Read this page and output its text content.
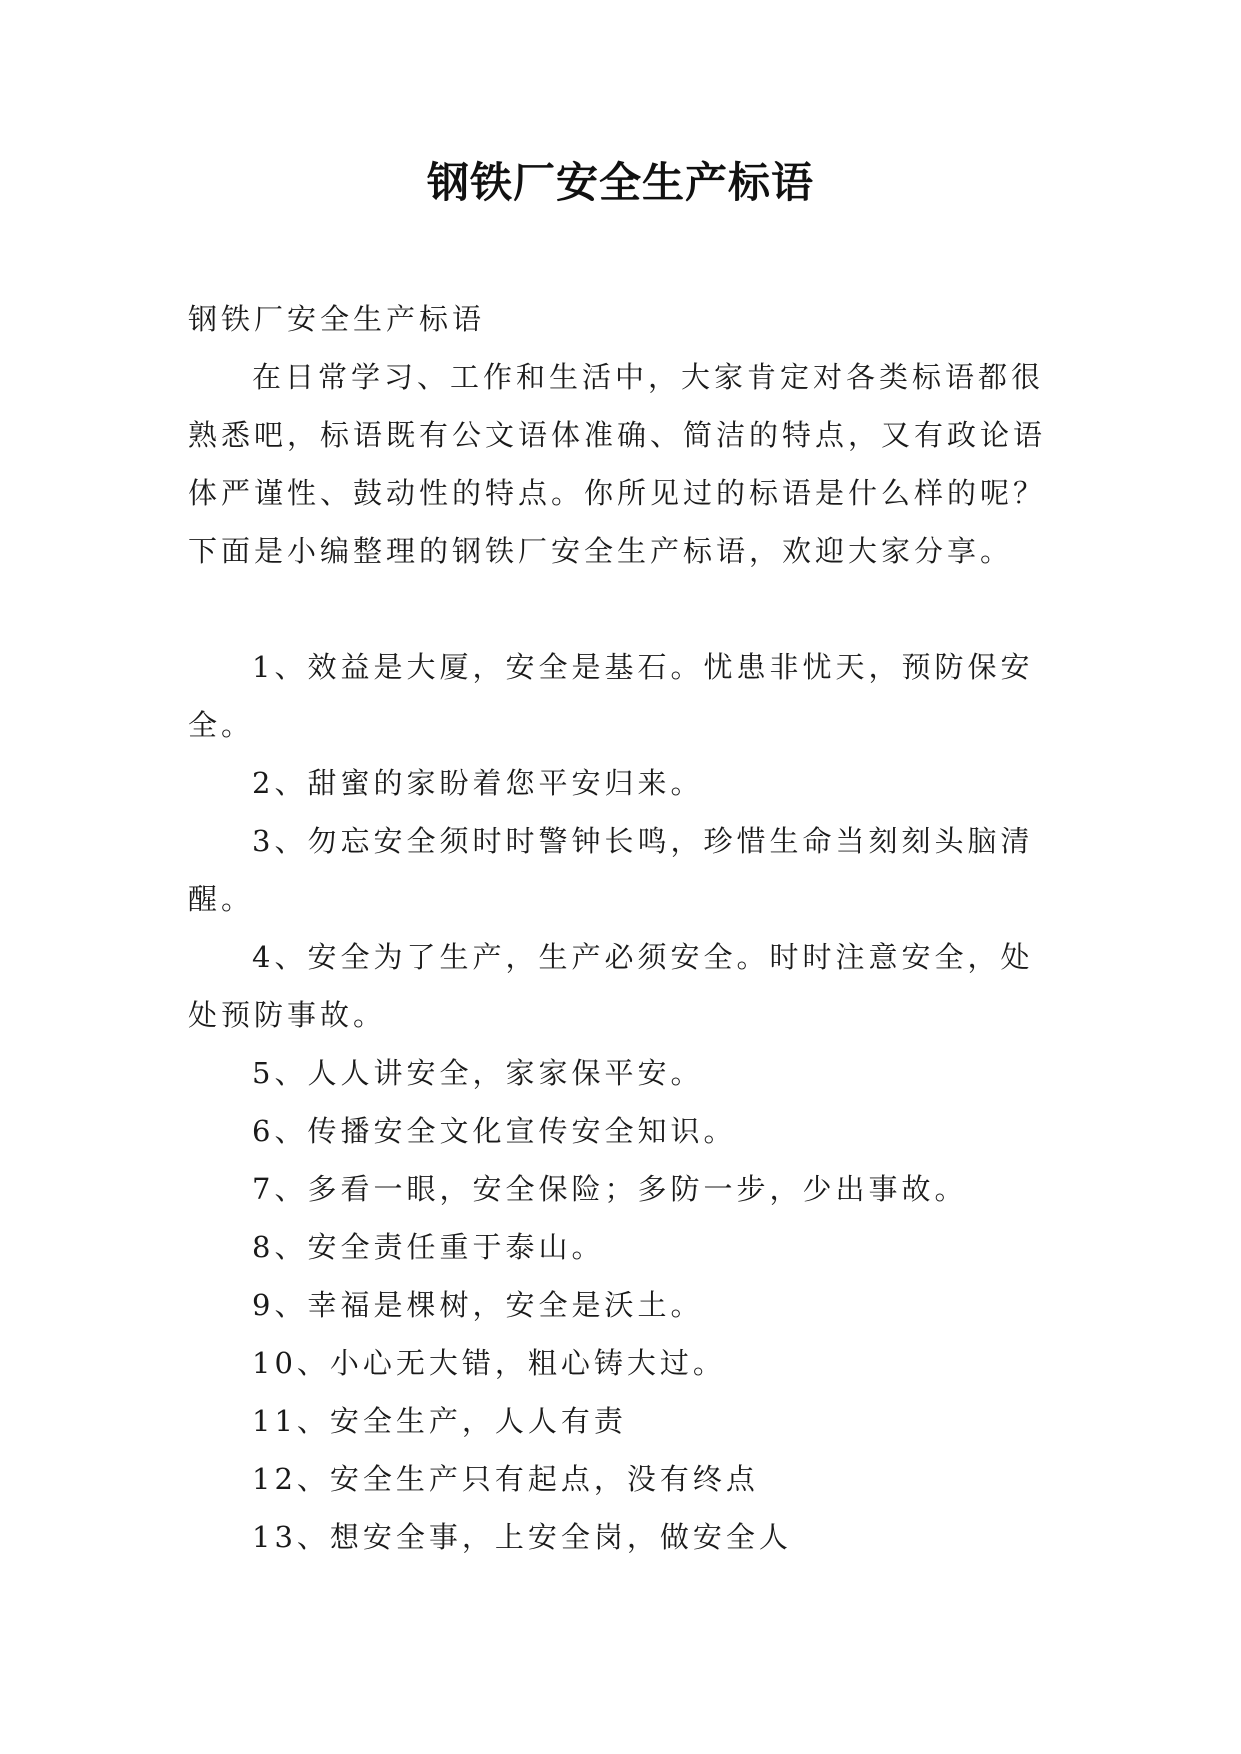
钢铁厂安全生产标语

钢铁厂安全生产标语

在日常学习、工作和生活中，大家肯定对各类标语都很熟悉吧，标语既有公文语体准确、简洁的特点，又有政论语体严谨性、鼓动性的特点。你所见过的标语是什么样的呢？下面是小编整理的钢铁厂安全生产标语，欢迎大家分享。

1、效益是大厦，安全是基石。忧患非忧天，预防保安全。

2、甜蜜的家盼着您平安归来。

3、勿忘安全须时时警钟长鸣，珍惜生命当刻刻头脑清醒。

4、安全为了生产，生产必须安全。时时注意安全，处处预防事故。

5、人人讲安全，家家保平安。

6、传播安全文化宣传安全知识。

7、多看一眼，安全保险；多防一步，少出事故。

8、安全责任重于泰山。

9、幸福是棵树，安全是沃土。

10、小心无大错，粗心铸大过。

11、安全生产，人人有责

12、安全生产只有起点，没有终点

13、想安全事，上安全岗，做安全人
